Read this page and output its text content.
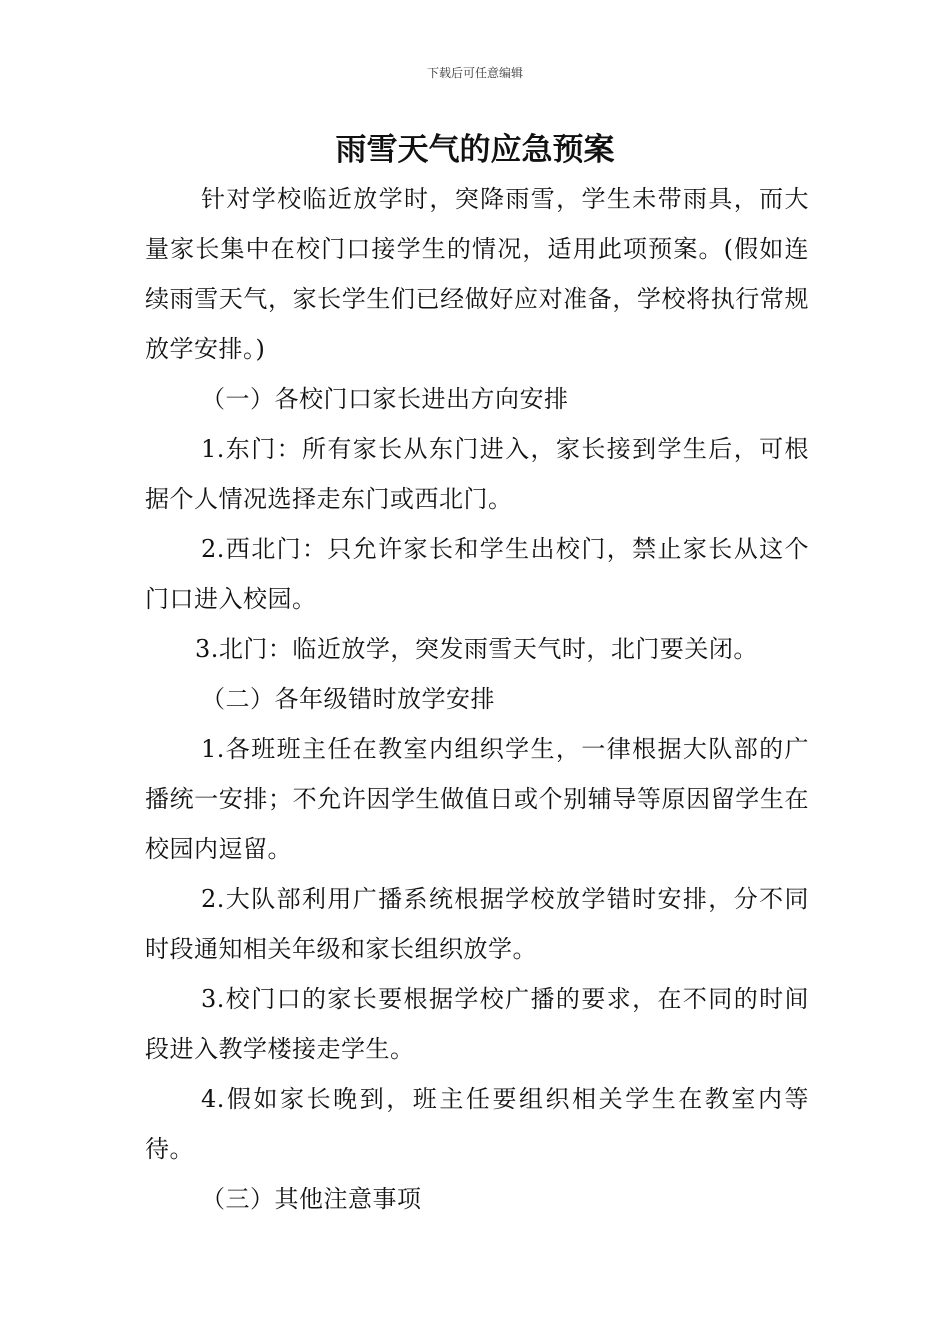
下载后可任意编辑
雨雪天气的应急预案

针对学校临近放学时，突降雨雪，学生未带雨具，而大量家长集中在校门口接学生的情况，适用此项预案。(假如连续雨雪天气，家长学生们已经做好应对准备，学校将执行常规放学安排。)

（一）各校门口家长进出方向安排

1.东门：所有家长从东门进入，家长接到学生后，可根据个人情况选择走东门或西北门。

2.西北门：只允许家长和学生出校门，禁止家长从这个门口进入校园。

3.北门：临近放学，突发雨雪天气时，北门要关闭。

（二）各年级错时放学安排

1.各班班主任在教室内组织学生，一律根据大队部的广播统一安排；不允许因学生做值日或个别辅导等原因留学生在校园内逗留。

2.大队部利用广播系统根据学校放学错时安排，分不同时段通知相关年级和家长组织放学。

3.校门口的家长要根据学校广播的要求，在不同的时间段进入教学楼接走学生。

4.假如家长晚到，班主任要组织相关学生在教室内等待。

（三）其他注意事项
